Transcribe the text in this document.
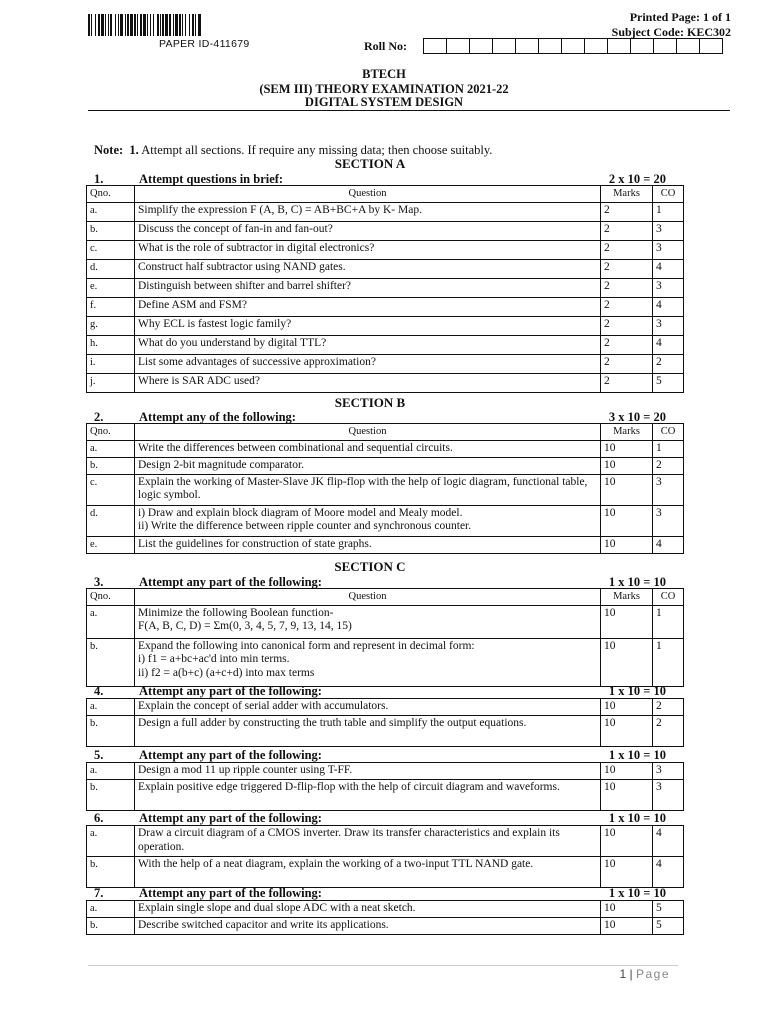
PAPER ID-411679
Printed Page: 1 of 1
Subject Code: KEC302
Roll No:
BTECH
(SEM III) THEORY EXAMINATION 2021-22
DIGITAL SYSTEM DESIGN
Note: 1. Attempt all sections. If require any missing data; then choose suitably.
SECTION A
1.	Attempt questions in brief:	2 x 10 = 20
Qno.	Question	Marks	CO
a.	Simplify the expression F (A, B, C) = AB+BC+A by K- Map.	2	1
b.	Discuss the concept of fan-in and fan-out?	2	3
c.	What is the role of subtractor in digital electronics?	2	3
d.	Construct half subtractor using NAND gates.	2	4
e.	Distinguish between shifter and barrel shifter?	2	3
f.	Define ASM and FSM?	2	4
g.	Why ECL is fastest logic family?	2	3
h.	What do you understand by digital TTL?	2	4
i.	List some advantages of successive approximation?	2	2
j.	Where is SAR ADC used?	2	5
SECTION B
2.	Attempt any of the following:	3 x 10 = 20
Qno.	Question	Marks	CO
a.	Write the differences between combinational and sequential circuits.	10	1
b.	Design 2-bit magnitude comparator.	10	2
c.	Explain the working of Master-Slave JK flip-flop with the help of logic diagram, functional table, logic symbol.	10	3
d.	i) Draw and explain block diagram of Moore model and Mealy model.
ii) Write the difference between ripple counter and synchronous counter.	10	3
e.	List the guidelines for construction of state graphs.	10	4
SECTION C
3.	Attempt any part of the following:	1 x 10 = 10
Qno.	Question	Marks	CO
a.	Minimize the following Boolean function-
F(A, B, C, D) = Σm(0, 3, 4, 5, 7, 9, 13, 14, 15)	10	1
b.	Expand the following into canonical form and represent in decimal form:
i) f1 = a+bc+ac'd into min terms.
ii) f2 = a(b+c) (a+c+d) into max terms	10	1
4.	Attempt any part of the following:	1 x 10 = 10
a.	Explain the concept of serial adder with accumulators.	10	2
b.	Design a full adder by constructing the truth table and simplify the output equations.	10	2
5.	Attempt any part of the following:	1 x 10 = 10
a.	Design a mod 11 up ripple counter using T-FF.	10	3
b.	Explain positive edge triggered D-flip-flop with the help of circuit diagram and waveforms.	10	3
6.	Attempt any part of the following:	1 x 10 = 10
a.	Draw a circuit diagram of a CMOS inverter. Draw its transfer characteristics and explain its operation.	10	4
b.	With the help of a neat diagram, explain the working of a two-input TTL NAND gate.	10	4
7.	Attempt any part of the following:	1 x 10 = 10
a.	Explain single slope and dual slope ADC with a neat sketch.	10	5
b.	Describe switched capacitor and write its applications.	10	5
1 | Page
